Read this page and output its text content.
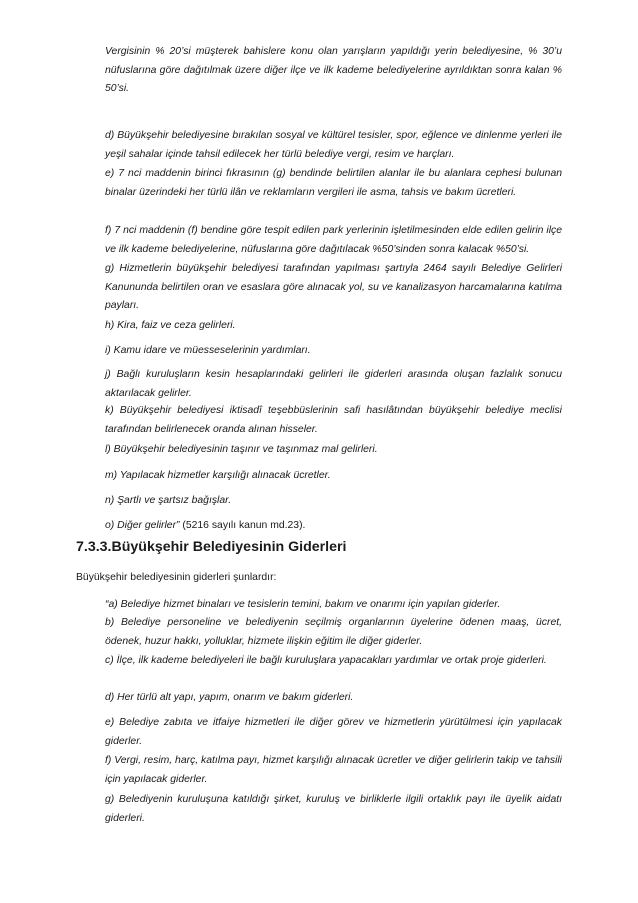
Vergisinin % 20’si müşterek bahislere konu olan yarışların yapıldığı yerin belediyesine, % 30’u nüfuslarına göre dağıtılmak üzere diğer ilçe ve ilk kademe belediyelerine ayrıldıktan sonra kalan % 50’si.

d) Büyükşehir belediyesine bırakılan sosyal ve kültürel tesisler, spor, eğlence ve dinlenme yerleri ile yeşil sahalar içinde tahsil edilecek her türlü belediye vergi, resim ve harçları.

e) 7 nci maddenin birinci fıkrasının (g) bendinde belirtilen alanlar ile bu alanlara cephesi bulunan binalar üzerindeki her türlü ilân ve reklamların vergileri ile asma, tahsis ve bakım ücretleri.

f) 7 nci maddenin (f) bendine göre tespit edilen park yerlerinin işletilmesinden elde edilen gelirin ilçe ve ilk kademe belediyelerine, nüfuslarına göre dağıtılacak %50’sinden sonra kalacak %50’si.

g) Hizmetlerin büyükşehir belediyesi tarafından yapılması şartıyla 2464 sayılı Belediye Gelirleri Kanununda belirtilen oran ve esaslara göre alınacak yol, su ve kanalizasyon harcamalarına katılma payları.

h) Kira, faiz ve ceza gelirleri.

i) Kamu idare ve müesseselerinin yardımları.

j) Bağlı kuruluşların kesin hesaplarındaki gelirleri ile giderleri arasında oluşan fazlalık sonucu aktarılacak gelirler.

k) Büyükşehir belediyesi iktisadî teşebbüslerinin safi hasılâtından büyükşehir belediye meclisi tarafından belirlenecek oranda alınan hisseler.

l) Büyükşehir belediyesinin taşınır ve taşınmaz mal gelirleri.

m) Yapılacak hizmetler karşılığı alınacak ücretler.

n) Şartlı ve şartsız bağışlar.

o) Diğer gelirler” (5216 sayılı kanun md.23).

7.3.3.Büyükşehir Belediyesinin Giderleri

Büyükşehir belediyesinin giderleri şunlardır:

“a) Belediye hizmet binaları ve tesislerin temini, bakım ve onarımı için yapılan giderler.

b) Belediye personeline ve belediyenin seçilmiş organlarının üyelerine ödenen maaş, ücret, ödenek, huzur hakkı, yolluklar, hizmete ilişkin eğitim ile diğer giderler.

c) İlçe, ilk kademe belediyeleri ile bağlı kuruluşlara yapacakları yardımlar ve ortak proje giderleri.

d) Her türlü alt yapı, yapım, onarım ve bakım giderleri.

e) Belediye zabıta ve itfaiye hizmetleri ile diğer görev ve hizmetlerin yürütülmesi için yapılacak giderler.

f) Vergi, resim, harç, katılma payı, hizmet karşılığı alınacak ücretler ve diğer gelirlerin takip ve tahsili için yapılacak giderler.

g) Belediyenin kuruluşuna katıldığı şirket, kuruluş ve birliklerle ilgili ortaklık payı ile üyelik aidatı giderleri.
